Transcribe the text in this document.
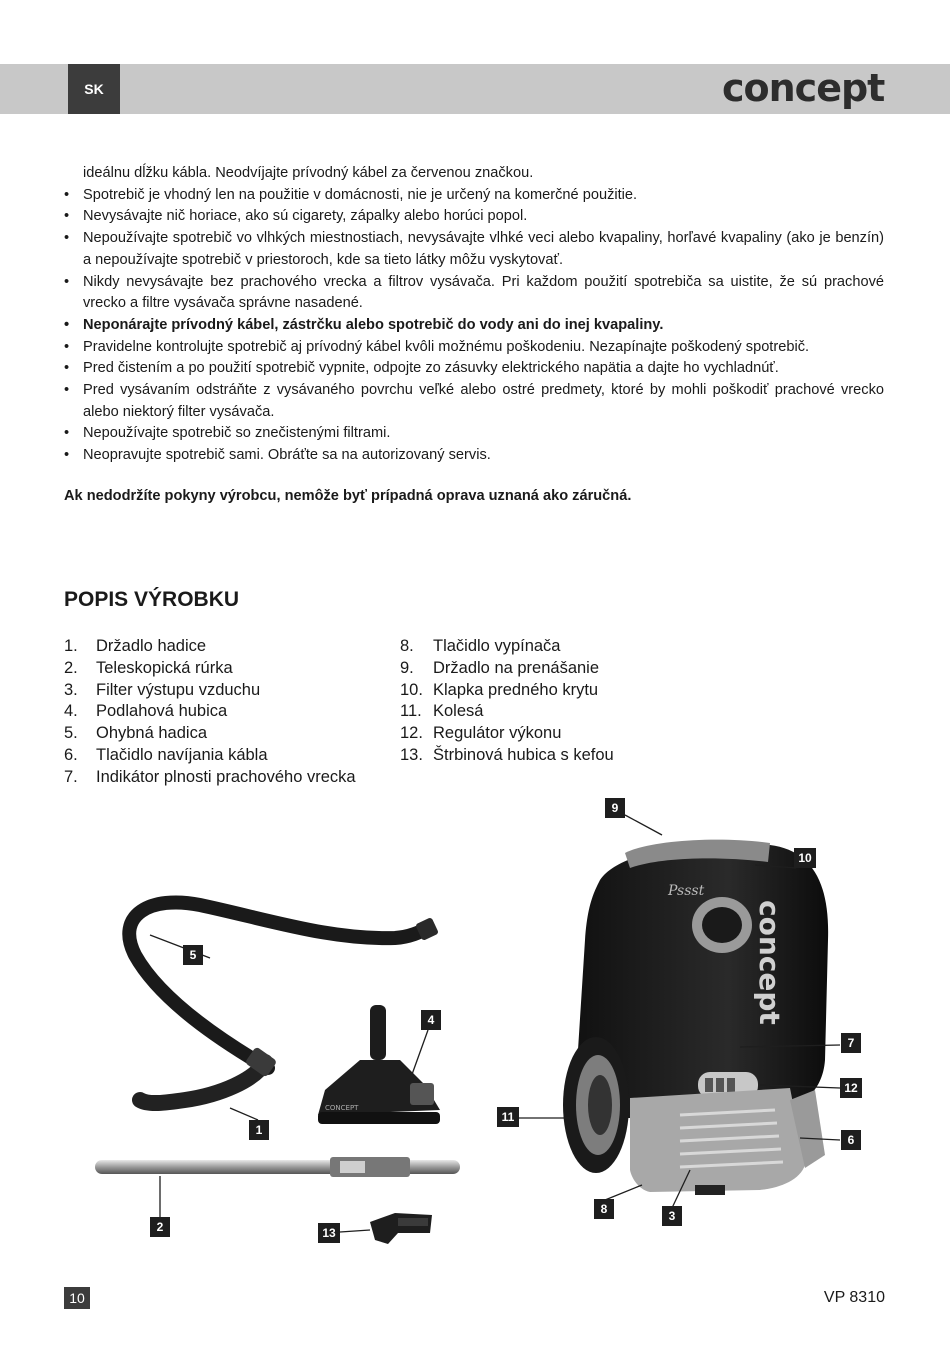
SK	concept

ideálnu dĺžku kábla. Neodvíjajte prívodný kábel za červenou značkou.

• Spotrebič je vhodný len na použitie v domácnosti, nie je určený na komerčné použitie.
• Nevysávajte nič horiace, ako sú cigarety, zápalky alebo horúci popol.
• Nepoužívajte spotrebič vo vlhkých miestnostiach, nevysávajte vlhké veci alebo kvapaliny, horľavé kvapaliny (ako je benzín) a nepoužívajte spotrebič v priestoroch, kde sa tieto látky môžu vyskytovať.
• Nikdy nevysávajte bez prachového vrecka a filtrov vysávača. Pri každom použití spotrebiča sa uistite, že sú prachové vrecko a filtre vysávača správne nasadené.
• Neponárajte prívodný kábel, zástrčku alebo spotrebič do vody ani do inej kvapaliny.
• Pravidelne kontrolujte spotrebič aj prívodný kábel kvôli možnému poškodeniu. Nezapínajte poškodený spotrebič.
• Pred čistením a po použití spotrebič vypnite, odpojte zo zásuvky elektrického napätia a dajte ho vychladnúť.
• Pred vysávaním odstráňte z vysávaného povrchu veľké alebo ostré predmety, ktoré by mohli poškodiť prachové vrecko alebo niektorý filter vysávača.
• Nepoužívajte spotrebič so znečistenými filtrami.
• Neopravujte spotrebič sami. Obráťte sa na autorizovaný servis.
Ak nedodržíte pokyny výrobcu, nemôže byť prípadná oprava uznaná ako záručná.
POPIS VÝROBKU
1.	Držadlo hadice
2.	Teleskopická rúrka
3.	Filter výstupu vzduchu
4.	Podlahová hubica
5.	Ohybná hadica
6.	Tlačidlo navíjania kábla
7.	Indikátor plnosti prachového vrecka
8.	Tlačidlo vypínača
9.	Držadlo na prenášanie
10. Klapka predného krytu
11. Kolesá
12. Regulátor výkonu
13. Štrbinová hubica s kefou
CONCEPT
Pssst
concept
1
2
3
4
5
6
7
8
9
10
11
12
13
10	VP 8310
